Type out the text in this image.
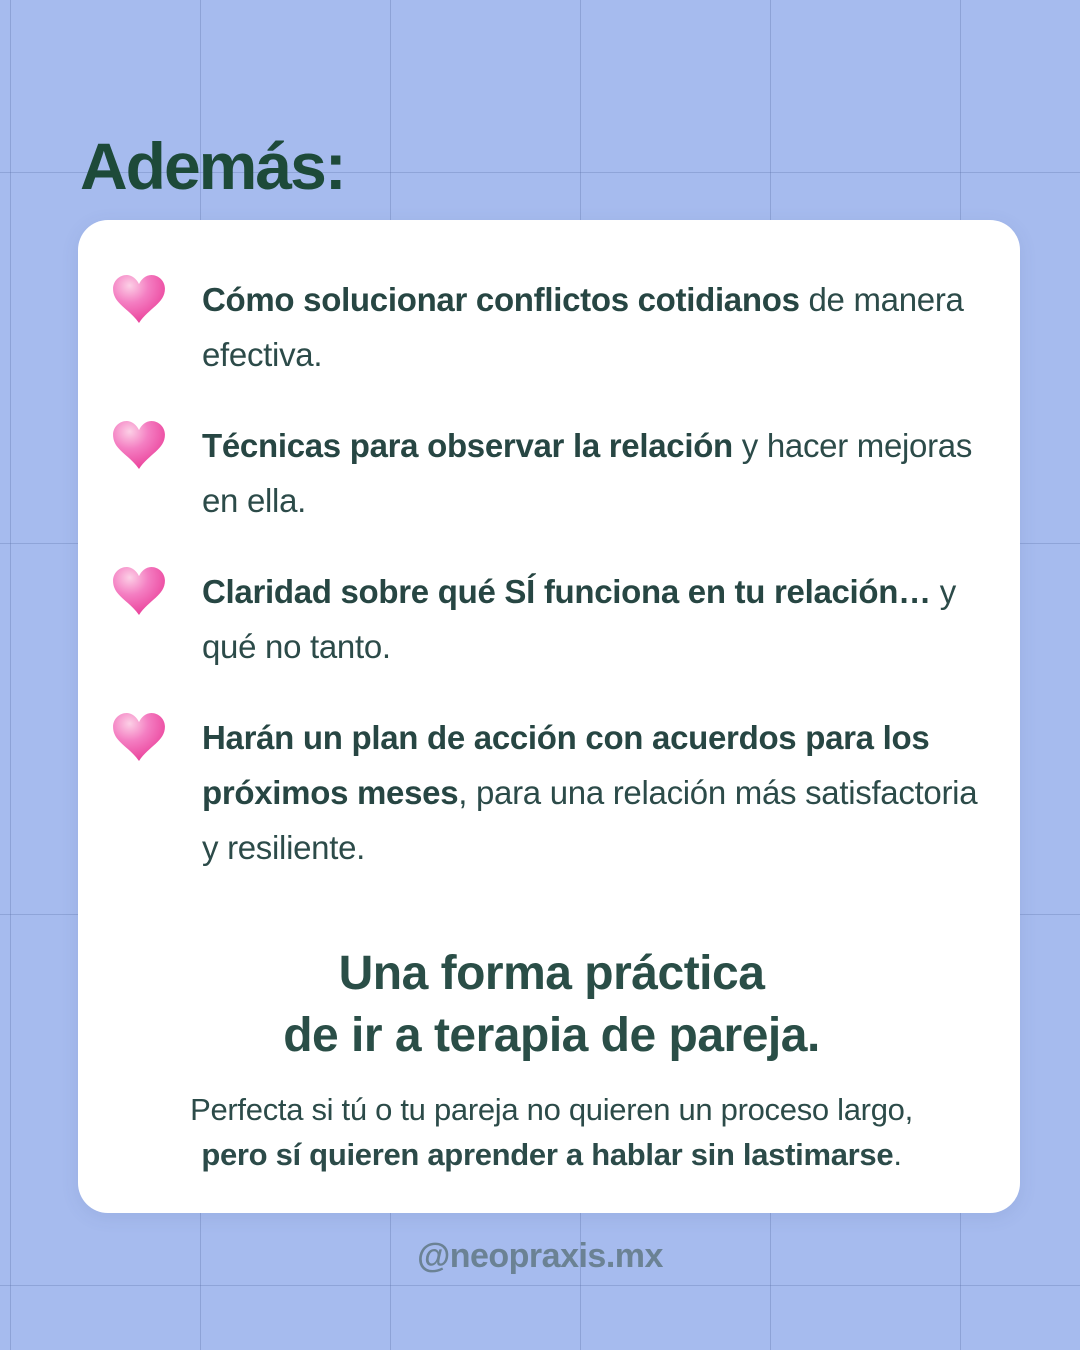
Además:
Cómo solucionar conflictos cotidianos de manera efectiva.
Técnicas para observar la relación y hacer mejoras en ella.
Claridad sobre qué SÍ funciona en tu relación… y qué no tanto.
Harán un plan de acción con acuerdos para los próximos meses, para una relación más satisfactoria y resiliente.
Una forma práctica
de ir a terapia de pareja.
Perfecta si tú o tu pareja no quieren un proceso largo,
pero sí quieren aprender a hablar sin lastimarse.
@neopraxis.mx
